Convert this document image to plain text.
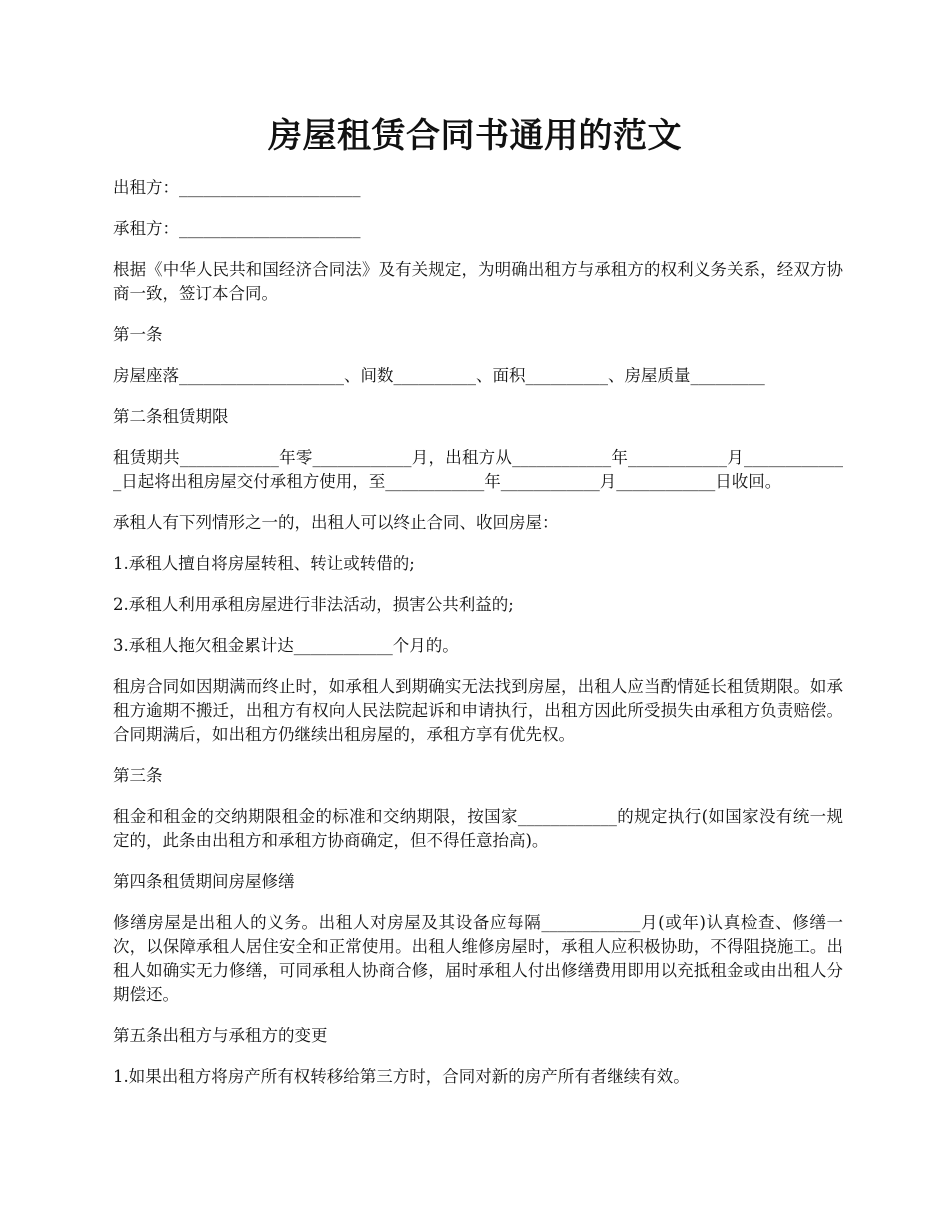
房屋租赁合同书通用的范文

出租方：______________________

承租方：______________________

根据《中华人民共和国经济合同法》及有关规定，为明确出租方与承租方的权利义务关系，经双方协商一致，签订本合同。

第一条

房屋座落____________________、间数__________、面积__________、房屋质量_________

第二条租赁期限

租赁期共____________年零____________月，出租方从____________年____________月_____________日起将出租房屋交付承租方使用，至____________年____________月____________日收回。

承租人有下列情形之一的，出租人可以终止合同、收回房屋：

1.承租人擅自将房屋转租、转让或转借的;

2.承租人利用承租房屋进行非法活动，损害公共利益的;

3.承租人拖欠租金累计达____________个月的。

租房合同如因期满而终止时，如承租人到期确实无法找到房屋，出租人应当酌情延长租赁期限。如承租方逾期不搬迁，出租方有权向人民法院起诉和申请执行，出租方因此所受损失由承租方负责赔偿。合同期满后，如出租方仍继续出租房屋的，承租方享有优先权。

第三条

租金和租金的交纳期限租金的标准和交纳期限，按国家____________的规定执行(如国家没有统一规定的，此条由出租方和承租方协商确定，但不得任意抬高)。

第四条租赁期间房屋修缮

修缮房屋是出租人的义务。出租人对房屋及其设备应每隔____________月(或年)认真检查、修缮一次，以保障承租人居住安全和正常使用。出租人维修房屋时，承租人应积极协助，不得阻挠施工。出租人如确实无力修缮，可同承租人协商合修，届时承租人付出修缮费用即用以充抵租金或由出租人分期偿还。

第五条出租方与承租方的变更

1.如果出租方将房产所有权转移给第三方时，合同对新的房产所有者继续有效。
